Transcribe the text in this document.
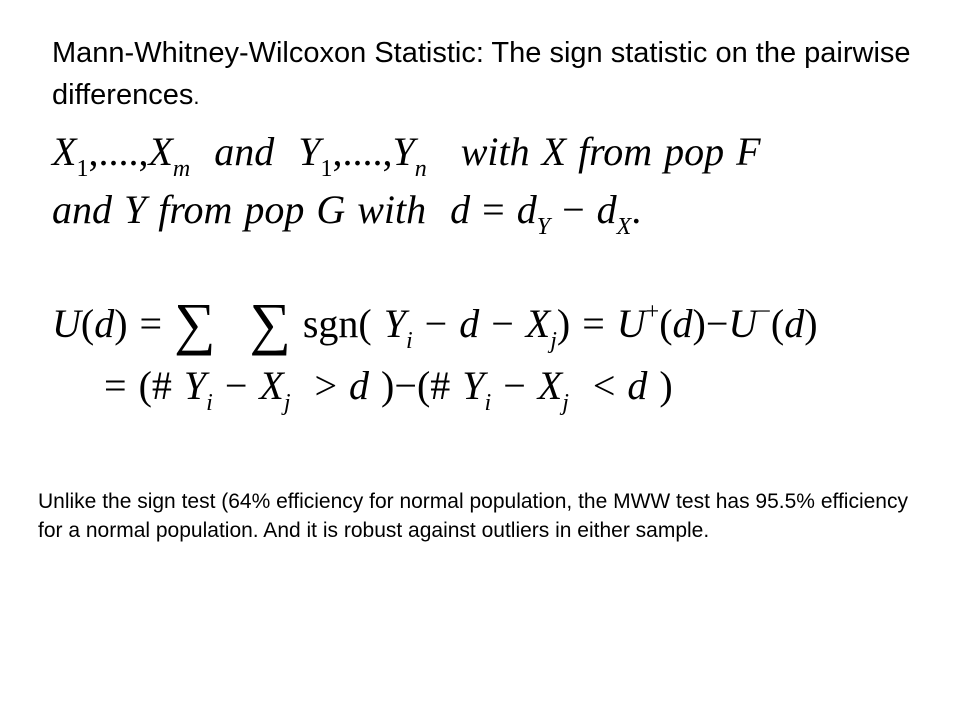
Mann-Whitney-Wilcoxon Statistic: The sign statistic on the pairwise differences.
$X_1,....,X_m$ and $Y_1,....,Y_n$ with X from pop F
and Y from pop G with $d = d_Y - d_X$.
U(d) = ∑ ∑ sgn( $Y_i - d - X_j) = U^+(d)-U^-(d)$
= (# $Y_i - X_j > d$ )−(# $Y_i - X_j < d$ )

Unlike the sign test (64% efficiency for normal population, the MWW test has 95.5% efficiency for a normal population. And it is robust against outliers in either sample.
